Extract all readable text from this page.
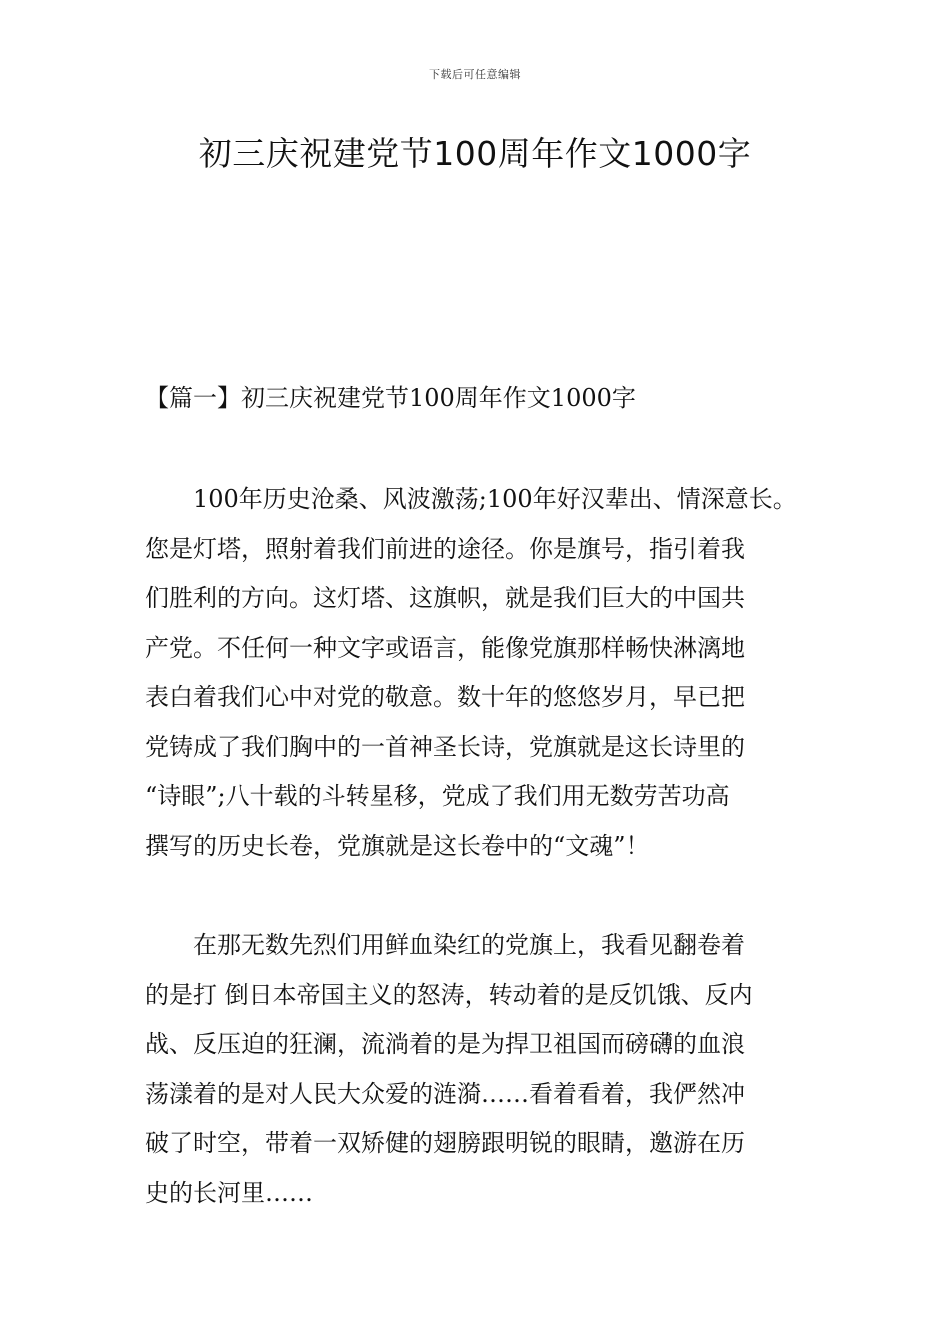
下载后可任意编辑
初三庆祝建党节100周年作文1000字
【篇一】初三庆祝建党节100周年作文1000字
　　100年历史沧桑、风波激荡;100年好汉辈出、情深意长。
您是灯塔，照射着我们前进的途径。你是旗号，指引着我
们胜利的方向。这灯塔、这旗帜，就是我们巨大的中国共
产党。不任何一种文字或语言，能像党旗那样畅快淋漓地
表白着我们心中对党的敬意。数十年的悠悠岁月，早已把
党铸成了我们胸中的一首神圣长诗，党旗就是这长诗里的
“诗眼”;八十载的斗转星移，党成了我们用无数劳苦功高
撰写的历史长卷，党旗就是这长卷中的“文魂”！
　　在那无数先烈们用鲜血染红的党旗上，我看见翻卷着
的是打 倒日本帝国主义的怒涛，转动着的是反饥饿、反内
战、反压迫的狂澜，流淌着的是为捍卫祖国而磅礴的血浪
荡漾着的是对人民大众爱的涟漪……看着看着，我俨然冲
破了时空，带着一双矫健的翅膀跟明锐的眼睛，邀游在历
史的长河里……
